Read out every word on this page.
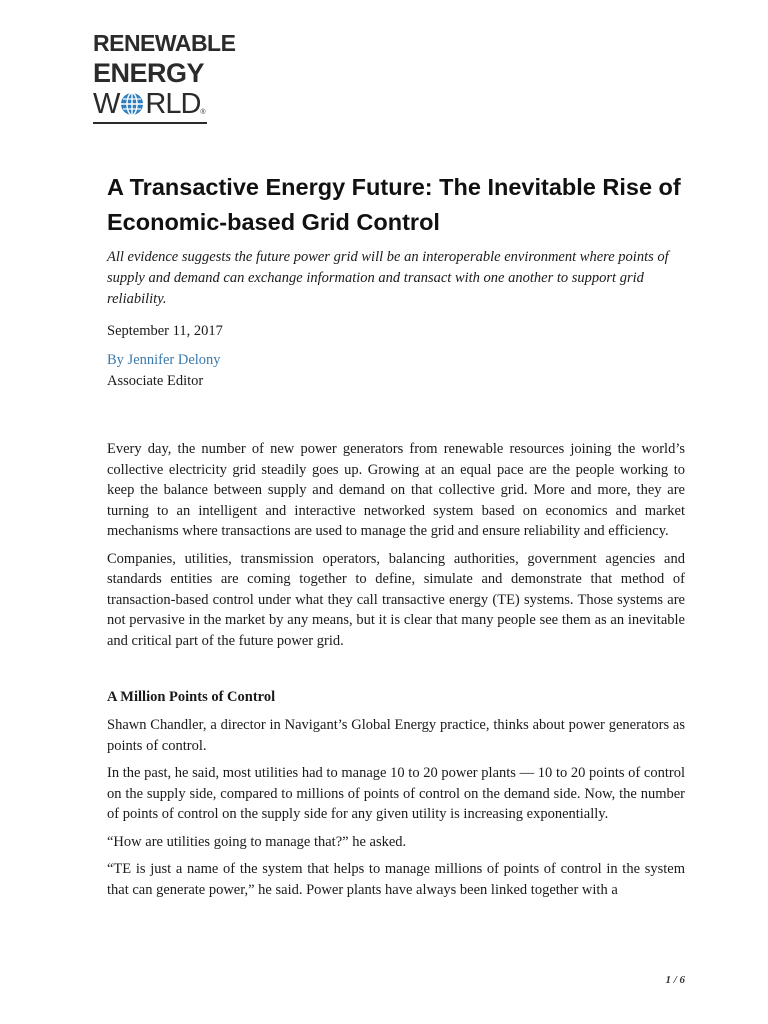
RENEWABLE
ENERGY
W RLD ®
A Transactive Energy Future: The Inevitable Rise of Economic-based Grid Control

All evidence suggests the future power grid will be an interoperable environment where points of supply and demand can exchange information and transact with one another to support grid reliability.

September 11, 2017
By Jennifer Delony
Associate Editor

Every day, the number of new power generators from renewable resources joining the world’s collective electricity grid steadily goes up. Growing at an equal pace are the people working to keep the balance between supply and demand on that collective grid. More and more, they are turning to an intelligent and interactive networked system based on economics and market mechanisms where transactions are used to manage the grid and ensure reliability and efficiency.

Companies, utilities, transmission operators, balancing authorities, government agencies and standards entities are coming together to define, simulate and demonstrate that method of transaction-based control under what they call transactive energy (TE) systems. Those systems are not pervasive in the market by any means, but it is clear that many people see them as an inevitable and critical part of the future power grid.

A Million Points of Control

Shawn Chandler, a director in Navigant’s Global Energy practice, thinks about power generators as points of control.

In the past, he said, most utilities had to manage 10 to 20 power plants — 10 to 20 points of control on the supply side, compared to millions of points of control on the demand side. Now, the number of points of control on the supply side for any given utility is increasing exponentially.

“How are utilities going to manage that?” he asked.

“TE is just a name of the system that helps to manage millions of points of control in the system that can generate power,” he said. Power plants have always been linked together with a

1 / 6
